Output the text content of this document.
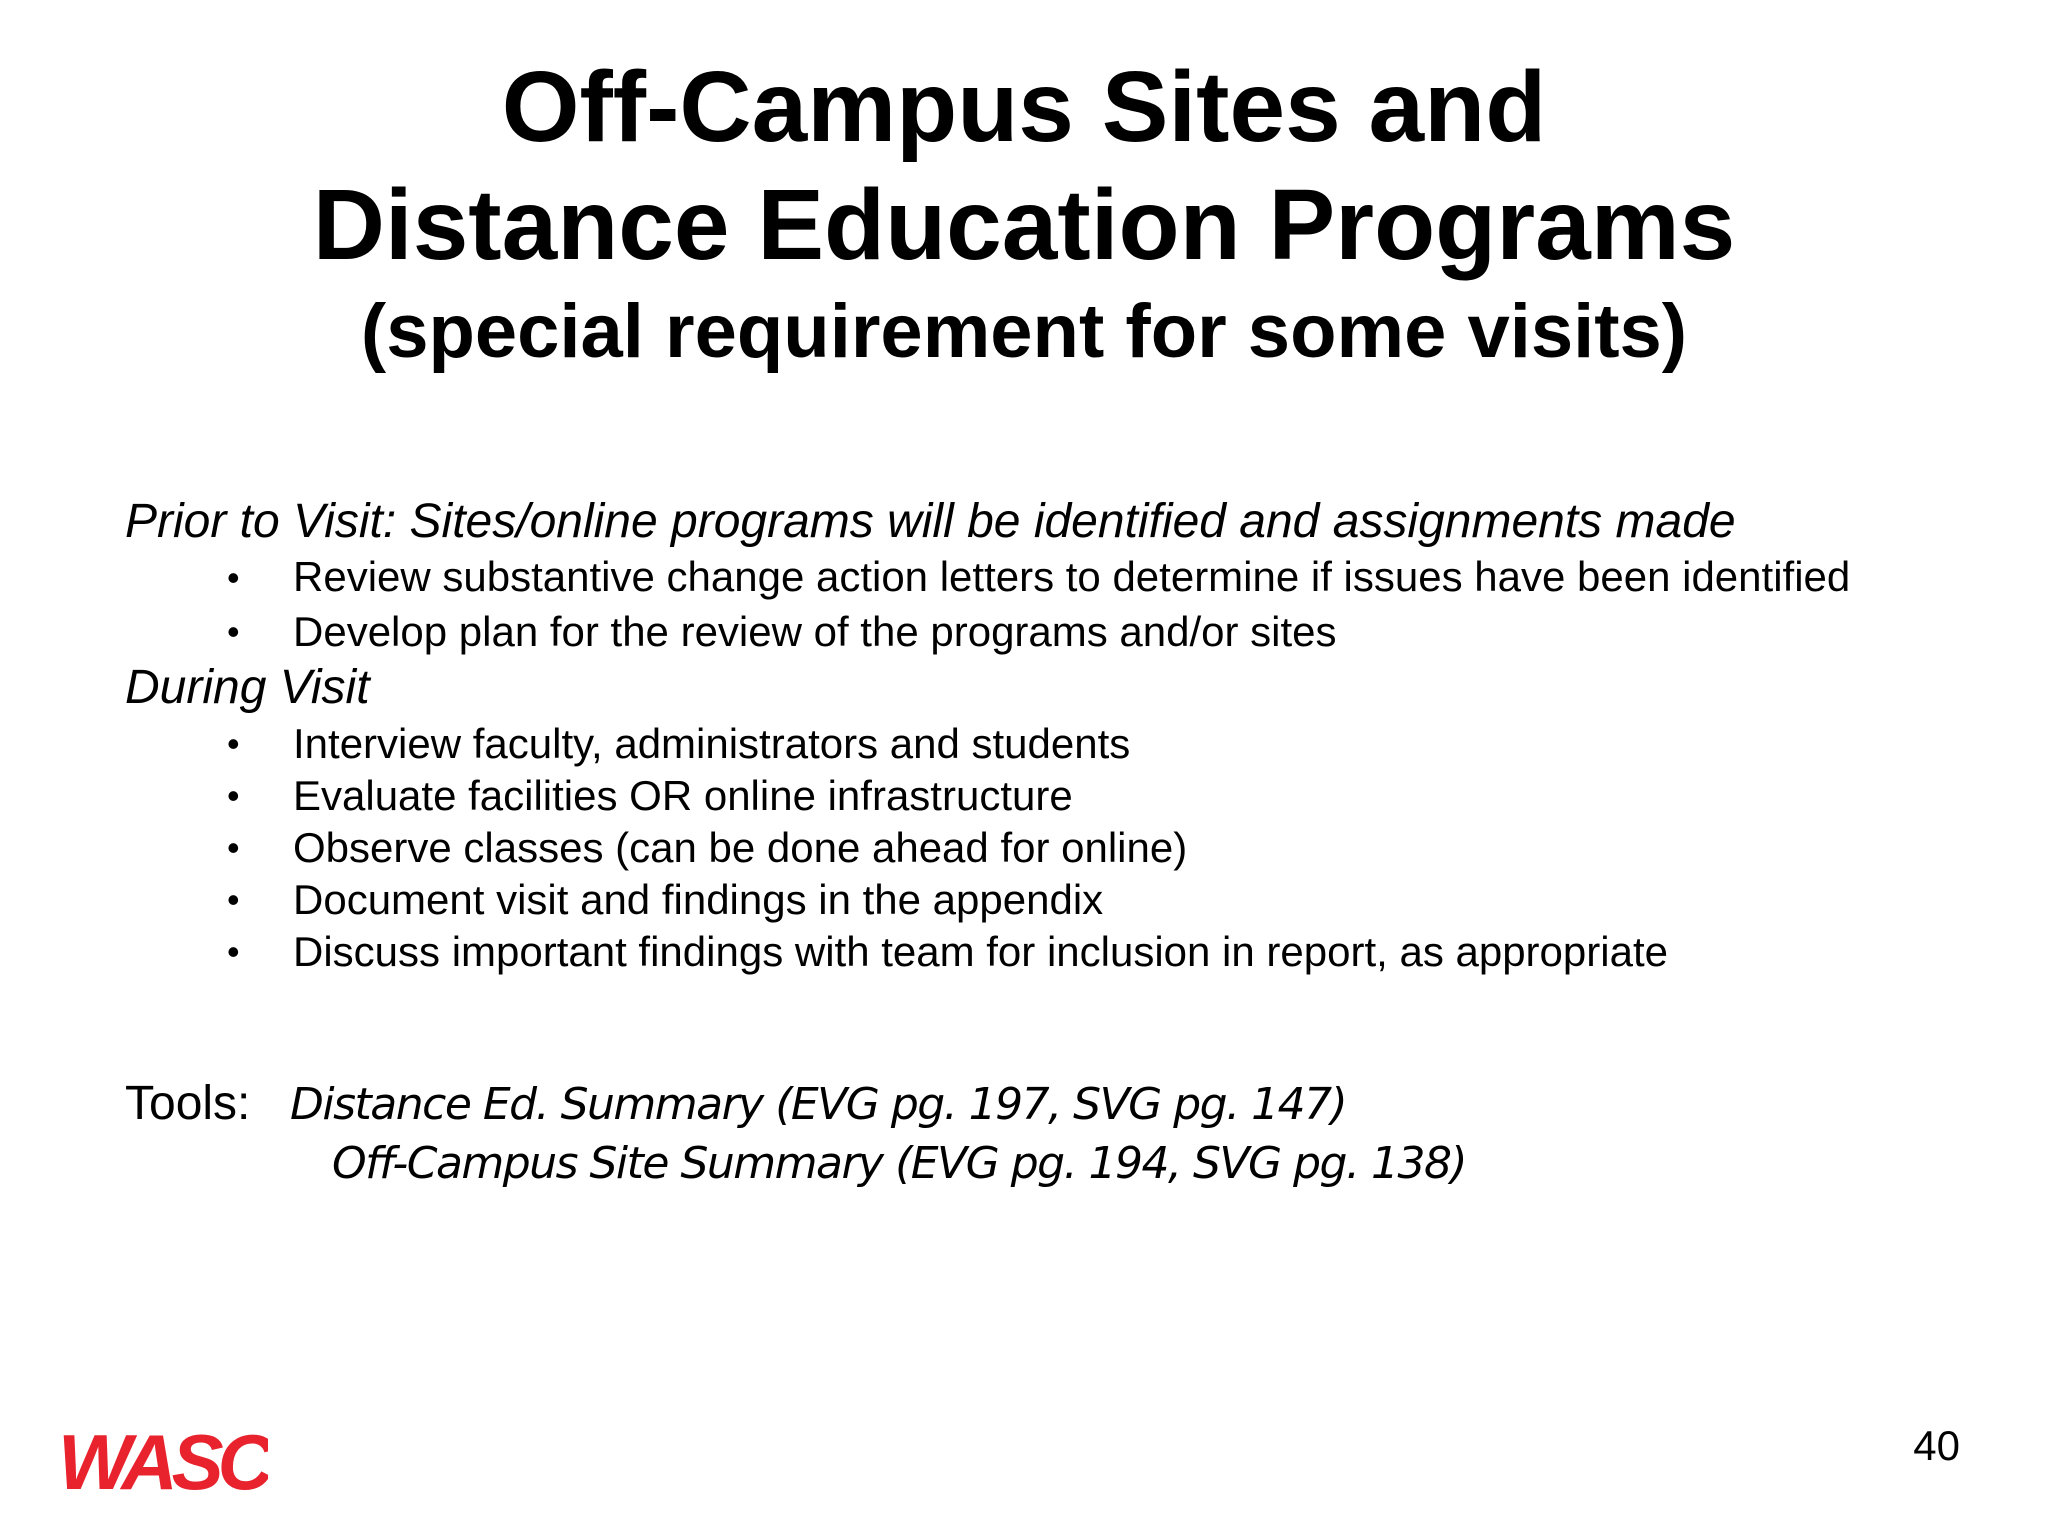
Off-Campus Sites and
Distance Education Programs
(special requirement for some visits)

Prior to Visit: Sites/online programs will be identified and assignments made

• Review substantive change action letters to determine if issues have been identified
• Develop plan for the review of the programs and/or sites

During Visit

• Interview faculty, administrators and students
• Evaluate facilities OR online infrastructure
• Observe classes (can be done ahead for online)
• Document visit and findings in the appendix
• Discuss important findings with team for inclusion in report, as appropriate
Tools: Distance Ed. Summary (EVG pg. 197, SVG pg. 147)
Off-Campus Site Summary (EVG pg. 194, SVG pg. 138)
WASC	40
